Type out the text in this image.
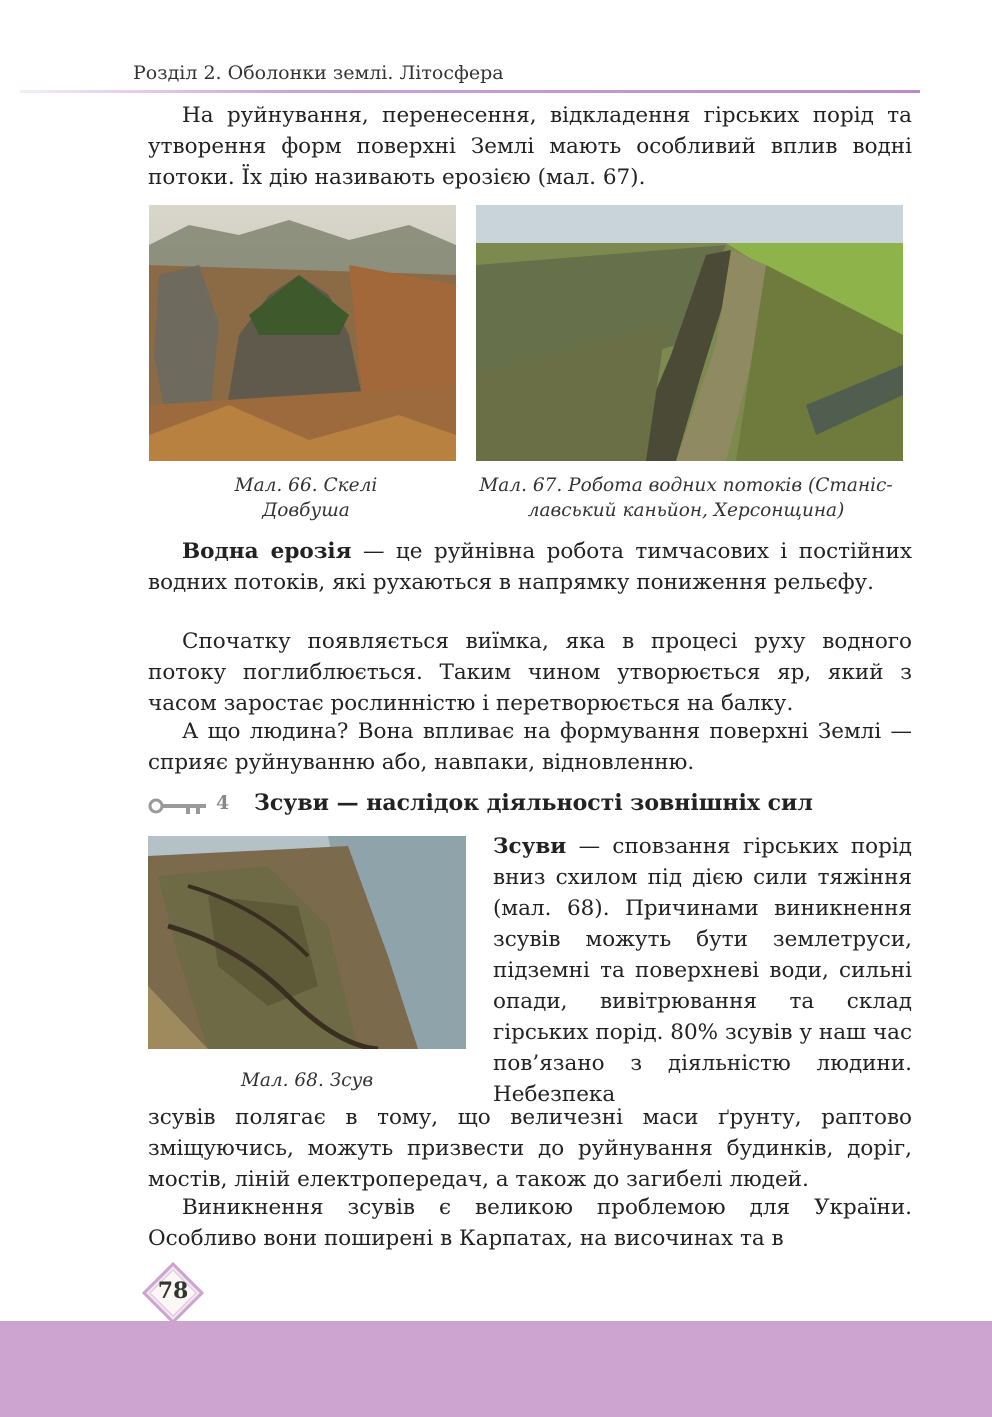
Розділ 2. Оболонки землі. Літосфера

На руйнування, перенесення, відкладення гірських порід та утворення форм поверхні Землі мають особливий вплив водні потоки. Їх дію називають ерозією (мал. 67).

Мал. 66. Скелі
Довбуша
Мал. 67. Робота водних потоків (Станіс-
лавський каньйон, Херсонщина)

Водна ерозія — це руйнівна робота тимчасових і постійних водних потоків, які рухаються в напрямку пониження рельєфу.

Спочатку появляється виїмка, яка в процесі руху водного потоку поглиблюється. Таким чином утворюється яр, який з часом заростає рослинністю і перетворюється на балку.

А що людина? Вона впливає на формування поверхні Землі — сприяє руйнуванню або, навпаки, відновленню.

4 Зсуви — наслідок діяльності зовнішніх сил
Мал. 68. Зсув

Зсуви — сповзання гірських порід вниз схилом під дією сили тяжіння (мал. 68). Причинами виникнення зсувів можуть бути землетруси, підземні та поверхневі води, сильні опади, вивітрювання та склад гірських порід. 80% зсувів у наш час пов’язано з діяльністю людини. Небезпека

зсувів полягає в тому, що величезні маси ґрунту, раптово зміщуючись, можуть призвести до руйнування будинків, доріг, мостів, ліній електропередач, а також до загибелі людей.

Виникнення зсувів є великою проблемою для України. Особливо вони поширені в Карпатах, на височинах та в

78
